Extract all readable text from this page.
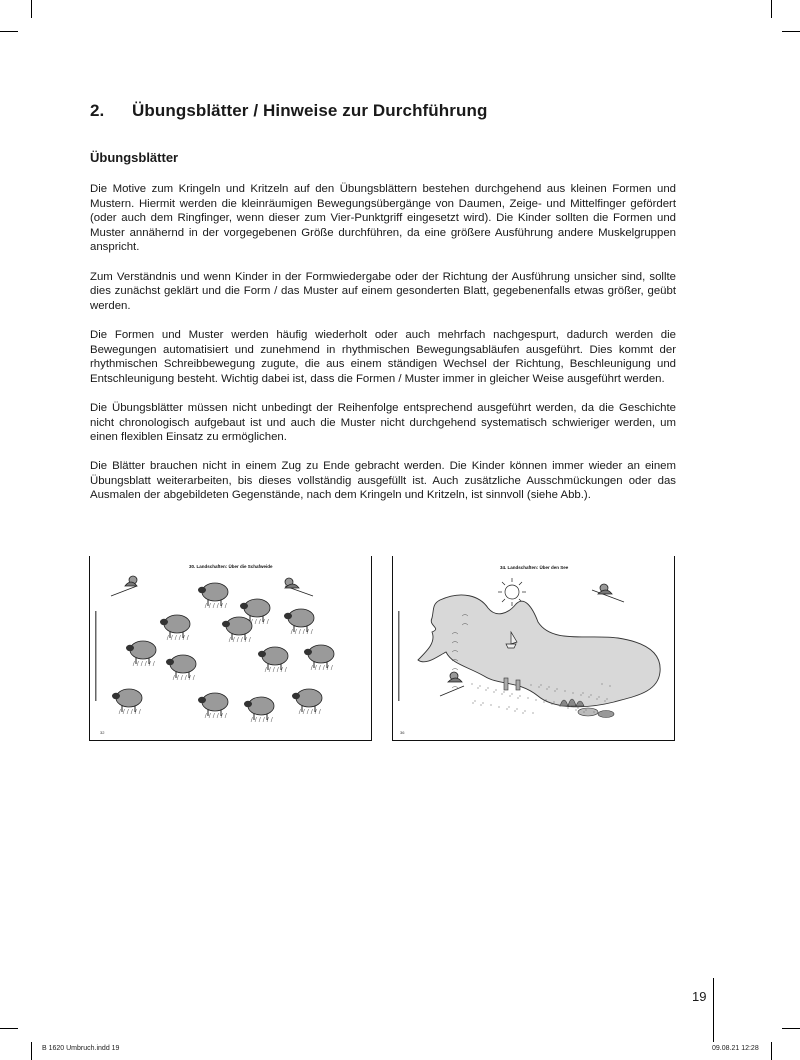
2. Übungsblätter / Hinweise zur Durchführung
Übungsblätter

Die Motive zum Kringeln und Kritzeln auf den Übungsblättern bestehen durchgehend aus kleinen Formen und Mustern. Hiermit werden die kleinräumigen Bewegungsübergänge von Daumen, Zeige- und Mittelfinger gefördert (oder auch dem Ringfinger, wenn dieser zum Vier-Punktgriff eingesetzt wird). Die Kinder sollten die Formen und Muster annähernd in der vorgegebenen Größe durchführen, da eine größere Ausführung andere Muskelgruppen anspricht.

Zum Verständnis und wenn Kinder in der Formwiedergabe oder der Richtung der Ausführung unsicher sind, sollte dies zunächst geklärt und die Form / das Muster auf einem gesonderten Blatt, gegebenenfalls etwas größer, geübt werden.

Die Formen und Muster werden häufig wiederholt oder auch mehrfach nachgespurt, dadurch werden die Bewegungen automatisiert und zunehmend in rhythmischen Bewegungsabläufen ausgeführt. Dies kommt der rhythmischen Schreibbewegung zugute, die aus einem ständigen Wechsel der Richtung, Beschleunigung und Entschleunigung besteht. Wichtig dabei ist, dass die Formen / Muster immer in gleicher Weise ausgeführt werden.

Die Übungsblätter müssen nicht unbedingt der Reihenfolge entsprechend ausgeführt werden, da die Geschichte nicht chronologisch aufgebaut ist und auch die Muster nicht durchgehend systematisch schwieriger werden, um einen flexiblen Einsatz zu ermöglichen.

Die Blätter brauchen nicht in einem Zug zu Ende gebracht werden. Die Kinder können immer wieder an einem Übungsblatt weiterarbeiten, bis dieses vollständig ausgefüllt ist. Auch zusätzliche Ausschmückungen oder das Ausmalen der abgebildeten Gegenstände, nach dem Kringeln und Kritzeln, ist sinnvoll (siehe Abb.).

30. Landschaften: Über die Schafweide
32
34. Landschaften: Über den See
36
19
B 1620 Umbruch.indd 19	09.08.21 12:28
